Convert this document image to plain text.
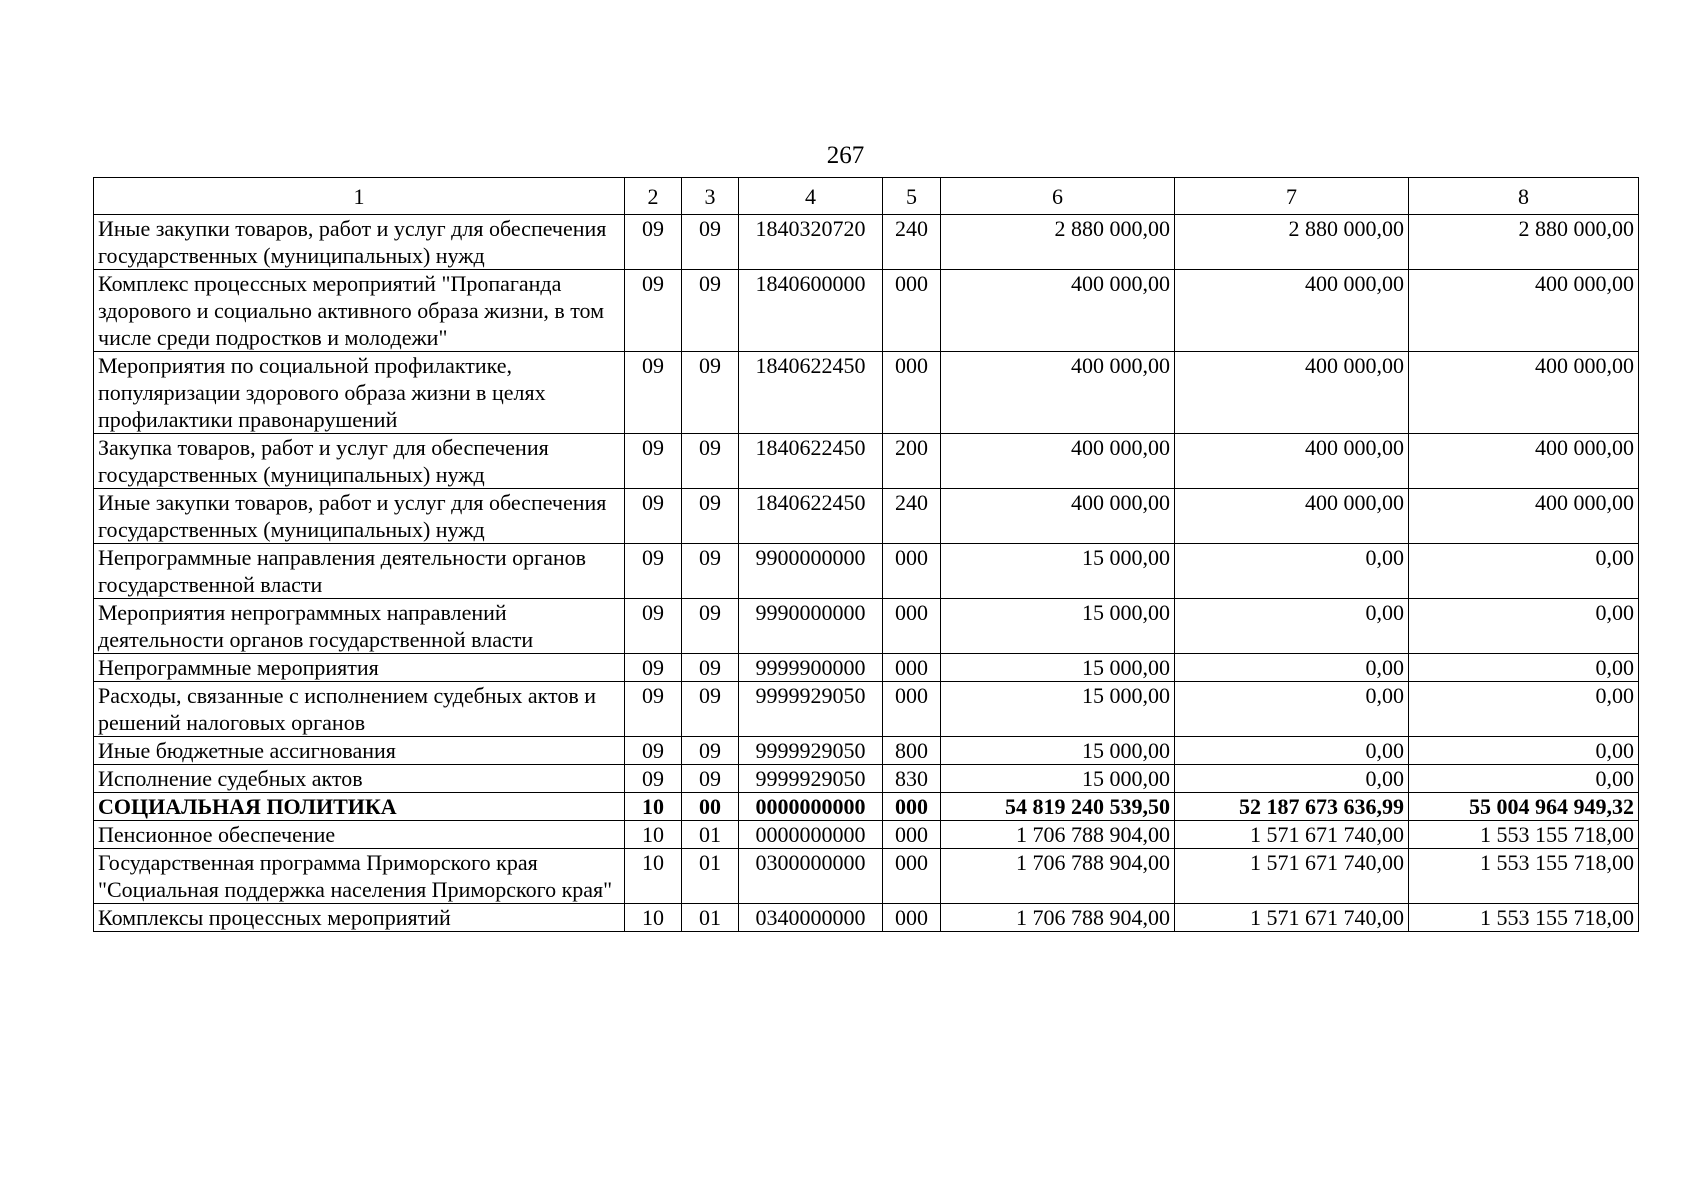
267
1	2	3	4	5	6	7	8
Иные закупки товаров, работ и услуг для обеспечения государственных (муниципальных) нужд	09	09	1840320720	240	2 880 000,00	2 880 000,00	2 880 000,00
Комплекс процессных мероприятий "Пропаганда здорового и социально активного образа жизни, в том числе среди подростков и молодежи"	09	09	1840600000	000	400 000,00	400 000,00	400 000,00
Мероприятия по социальной профилактике, популяризации здорового образа жизни в целях профилактики правонарушений	09	09	1840622450	000	400 000,00	400 000,00	400 000,00
Закупка товаров, работ и услуг для обеспечения государственных (муниципальных) нужд	09	09	1840622450	200	400 000,00	400 000,00	400 000,00
Иные закупки товаров, работ и услуг для обеспечения государственных (муниципальных) нужд	09	09	1840622450	240	400 000,00	400 000,00	400 000,00
Непрограммные направления деятельности органов государственной власти	09	09	9900000000	000	15 000,00	0,00	0,00
Мероприятия непрограммных направлений деятельности органов государственной власти	09	09	9990000000	000	15 000,00	0,00	0,00
Непрограммные мероприятия	09	09	9999900000	000	15 000,00	0,00	0,00
Расходы, связанные с исполнением судебных актов и решений налоговых органов	09	09	9999929050	000	15 000,00	0,00	0,00
Иные бюджетные ассигнования	09	09	9999929050	800	15 000,00	0,00	0,00
Исполнение судебных актов	09	09	9999929050	830	15 000,00	0,00	0,00
СОЦИАЛЬНАЯ ПОЛИТИКА	10	00	0000000000	000	54 819 240 539,50	52 187 673 636,99	55 004 964 949,32
Пенсионное обеспечение	10	01	0000000000	000	1 706 788 904,00	1 571 671 740,00	1 553 155 718,00
Государственная программа Приморского края "Социальная поддержка населения Приморского края"	10	01	0300000000	000	1 706 788 904,00	1 571 671 740,00	1 553 155 718,00
Комплексы процессных мероприятий	10	01	0340000000	000	1 706 788 904,00	1 571 671 740,00	1 553 155 718,00
